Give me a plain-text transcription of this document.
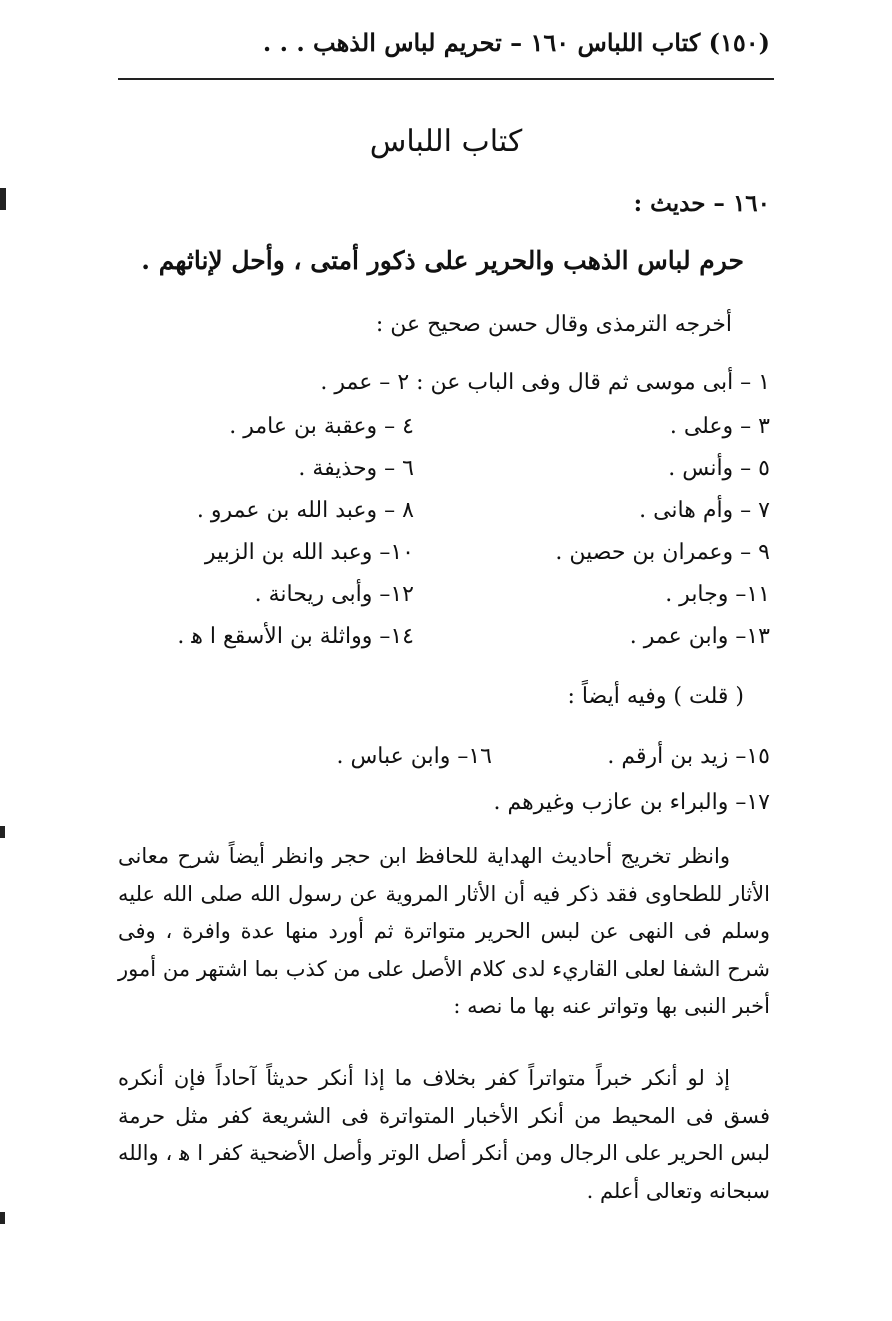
(١٥٠) كتاب اللباس ١٦٠ – تحريم لباس الذهب . . .
كتاب اللباس
١٦٠ – حديث :
حرم لباس الذهب والحرير على ذكور أمتى ، وأحل لإناثهم .
أخرجه الترمذى وقال حسن صحيح عن :
١ – أبى موسى ثم قال وفى الباب عن : ٢ – عمر .
٣ – وعلى .
٤ – وعقبة بن عامر .
٥ – وأنس .
٦ – وحذيفة .
٧ – وأم هانى .
٨ – وعبد الله بن عمرو .
٩ – وعمران بن حصين .
١٠– وعبد الله بن الزبير
١١– وجابر .
١٢– وأبى ريحانة .
١٣– وابن عمر .
١٤– وواثلة بن الأسقع ا ﻫ .
( قلت ) وفيه أيضاً :
١٥– زيد بن أرقم .
١٦– وابن عباس .
١٧– والبراء بن عازب وغيرهم .
وانظر تخريج أحاديث الهداية للحافظ ابن حجر وانظر أيضاً شرح معانى الأثار للطحاوى فقد ذكر فيه أن الأثار المروية عن رسول الله صلى الله عليه وسلم فى النهى عن لبس الحرير متواترة ثم أورد منها عدة وافرة ، وفى شرح الشفا لعلى القاريء لدى كلام الأصل على من كذب بما اشتهر من أمور أخبر النبى بها وتواتر عنه بها ما نصه :
إذ لو أنكر خبراً متواتراً كفر بخلاف ما إذا أنكر حديثاً آحاداً فإن أنكره فسق فى المحيط من أنكر الأخبار المتواترة فى الشريعة كفر مثل حرمة لبس الحرير على الرجال ومن أنكر أصل الوتر وأصل الأضحية كفر ا ﻫ ، والله سبحانه وتعالى أعلم .
